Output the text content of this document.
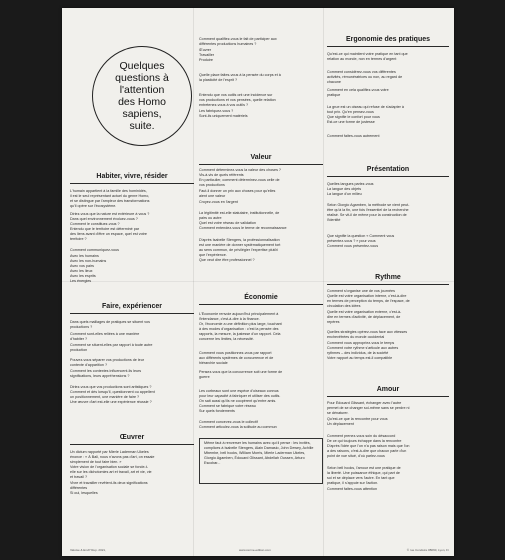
Quelques
questions à
l'attention
des Homo
sapiens,
suite.
Habiter, vivre, résider
L'humain appartient à la famille des hominidés,
il est le seul représentant actuel du genre Homo,
et se distingue par l'ampleur des transformations
qu'il opère sur l'écosystème.
Diriez-vous que la nature est extérieure à vous ?
Dans quel environnement évoluez-vous ?
Comment le constituez-vous ?
Entendu que le territoire est déterminé par
des liens avant d'être un espace, quel est votre
territoire ?
Comment communiquez-vous
Avec les humains
Avec les non-humains
Avec vos pairs
Avec les lieux
Avec les esprits
Les énergies
Faire, expériencer
Dans quels maillages de pratiques se situent vos
productions ?
Comment sont-elles reliées à une manière
d'habiter ?
Comment se situent-elles par rapport à toute autre
production
Pouvez-vous séparer vos productions de leur
contexte d'apparition ?
Comment les contextes influencent-ils leurs
significations, leurs appréhensions ?
Diriez-vous que vos productions sont artistiques ?
Comment et dès lorsqu'il, questionnent ou appellent
un positionnement, une manière de faire ?
Une œuvre d'art est-elle une expérience réussie ?
Œuvrer
Un dictum rapporté par Mierle Laderman Ukeles
énonce : « À Bali, nous n'avons pas d'art, on essaie
simplement de tout faire bien. »
Votre vision de l'organisation sociale se fonde-t-
elle sur les dichotomies art et travail, art et vie, vie
et travail ?
Vivre et travailler revêtent-ils deux significations
différentes
Si oui, lesquelles
Valoise & EnvP Rep. 2021,
Comment qualifiez-vous le fait de participer aux
différentes productions humaines ?
Œuvrer
Travailler
Produire
Quelle place faites-vous à la pensée du corps et à
la plasticité de l'esprit ?
Entendu que vos outils ont une incidence sur
vos productions et vos pensées, quelle relation
entretenez-vous à vos outils ?
Les fabriquez-vous ?
Sont-ils uniquement matériels
Valeur
Comment déterminez-vous la valeur des choses ?
Vis-à-vis de quels référents
En particulier, comment déterminez-vous celle de
vos productions
Faut-il donner un prix aux choses pour qu'elles
aient une valeur
Croyez-vous en l'argent
La légitimité est-elle statutaire, institutionnelle, de
pairs ou autre
Quel est votre réseau de validation
Comment entendez-vous le terme de reconnaissance
D'après Isabelle Stengers, la professionnalisation
est une manière de donner systématiquement tort
au sens commun, de privilégier l'expertise plutôt
que l'expérience.
Que veut dire être professionnel ?
Économie
L'Économie renvoie aujourd'hui principalement à
l'intendance, c'est-à-dire à la finance.
Or, l'économie a une définition plus large, touchant
à des modes d'organisation : c'est la pensée des
rapports, la mesure, la justesse d'un rapport. Cela
concerne les limites, la nécessité.
Comment vous positionnez-vous par rapport
aux différents systèmes de concurrence et de
hiérarchie sociale
Pensez-vous que la concurrence soit une forme de
guerre
Les corbeaux sont une espèce d'oiseaux connus
pour leur capacité à fabriquer et utiliser des outils.
On sait aussi qu'ils ne coopèrent qu'entre amis.
Comment se fabrique votre réseau
Sur quels fondements
Comment concevez-vous le collectif
Comment articulez-vous la solitude au commun
www.cerme-edition.com
Même faut à renverser les humains avec qui il pense : les invités, complices à Isabelle Stengers, Alain Damasio, John Dewey, Achille Mbembe, bell hooks, William Morris, Mierle Laderman Ukeles, Giorgio Agamben, Édouard Glissant, Abdellah Oussen, Arturo Escobar...
Ergonomie des pratiques
Qu'est-ce qui maintient votre pratique en tant que
relation au monde, non en termes d'argent
Comment considérez-vous vos différentes
activités, rémunératrices ou non, au regard de
chacune
Comment en cela qualifiez-vous votre
pratique
La grue est un oiseau qui refuse de s'adapter à
tout prix. Qu'en pensez-vous
Que signifie le confort pour vous
Est-ce une forme de justesse
Comment faites-vous autrement
Présentation
Quelles langues parlez-vous
La langue des objets
La langue d'un milieu
Selon Giorgio Agamben, la méthode se vient peut-
être qu'à la fin, une fois l'essentiel de la recherche
réalisé. Se vit-il de même pour la construction de
l'identité
Que signifie la question « Comment vous
présentez-vous ? » pour vous
Comment vous présentez-vous
Rythme
Comment s'organise une de vos journées
Quelle est votre organisation interne, c'est-à-dire
en termes de perception du temps, de l'espace, de
circulation des idées
Quelle est votre organisation externe, c'est-à-
dire en termes d'activité, de déplacement, de
repères
Quelles stratégies opérez-vous face aux vitesses
enchevêtrées du monde occidental
Comment vous appropriez-vous le temps
Comment votre rythme s'articule aux autres
rythmes – des individus, de la société
Votre rapport au temps est-il compatible
Amour
Pour Édouard Glissant, échanger avec l'autre
permet de se changer soi-même sans se perdre ni
se dénaturer.
Qu'est-ce que la rencontre pour vous
Un déplacement
Comment prenez-vous soin du désaccord
De ce qui toujours échappe dans la rencontre
D'après l'idée que l'on n'a pas raison mais que l'on
a des raisons, c'est-à-dire que chacun parle d'un
point de vue situé, d'où parlez-vous
Selon bell hooks, l'amour est une pratique de
la liberté. Une puissance éthique, qui part de
soi et se déplace vers l'autre. En tant que
pratique, il s'appuie sur l'action.
Comment faites-vous attention
© rue Conduire #8060, Lyon, Fr
